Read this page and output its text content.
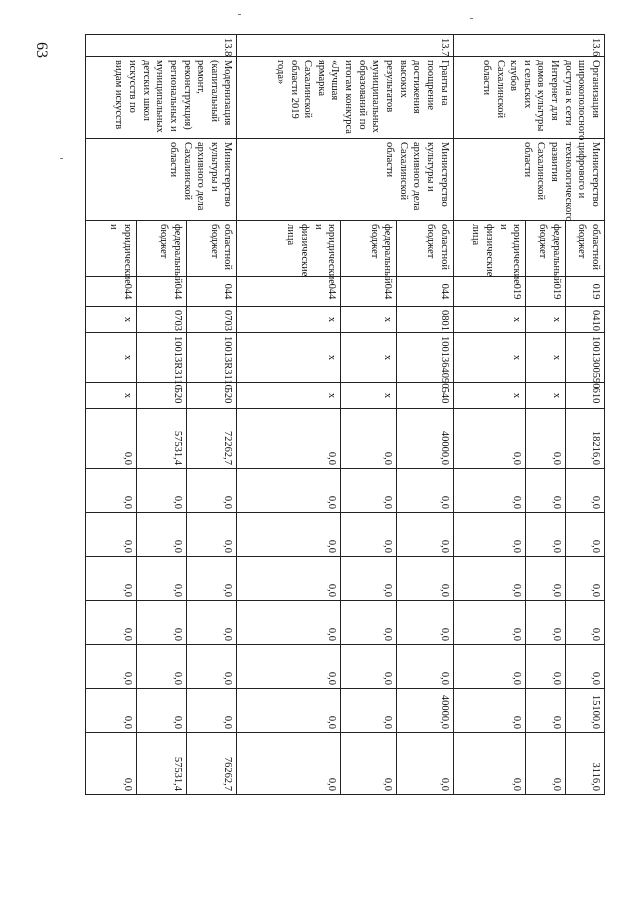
63	13.6	Организация широкополосного доступа к сети Интернет для домов культуры и сельских клубов Сахалинской области	Министерство цифрового и технологического развития Сахалинской области	областной бюджет	019	0410	1001300590	610	18216,0	0,0	0,0	0,0	0,0	0,0	15100,0	3116,0
			федеральный бюджет	019	х	х	х	0,0	0,0	0,0	0,0	0,0	0,0	0,0	0,0
			юридические и физические лица	019	х	х	х	0,0	0,0	0,0	0,0	0,0	0,0	0,0	0,0
13.7	Гранты на поощрение достижения высоких результатов муниципальных образований по итогам конкурса «Лучшая ярмарка Сахалинской области 2019 года»	Министерство культуры и архивного дела Сахалинской области	областной бюджет	044	0801	1001364090	540	40000,0	0,0	0,0	0,0	0,0	0,0	40000,0	0,0
			федеральный бюджет	044	х	х	х	0,0	0,0	0,0	0,0	0,0	0,0	0,0	0,0
			юридические и физические лица	044	х	х	х	0,0	0,0	0,0	0,0	0,0	0,0	0,0	0,0
13.8	Модернизация (капитальный ремонт, реконструкция) региональных и муниципальных детских школ искусств по видам искусств	Министерство культуры и архивного дела Сахалинской области	областной бюджет	044	0703	10013R3110	520	72262,7	0,0	0,0	0,0	0,0	0,0	0,0	76262,7
			федеральный бюджет	044	0703	10013R3110	520	57531,4	0,0	0,0	0,0	0,0	0,0	0,0	57531,4
			юридические и	044	х	х	х	0,0	0,0	0,0	0,0	0,0	0,0	0,0	0,0
